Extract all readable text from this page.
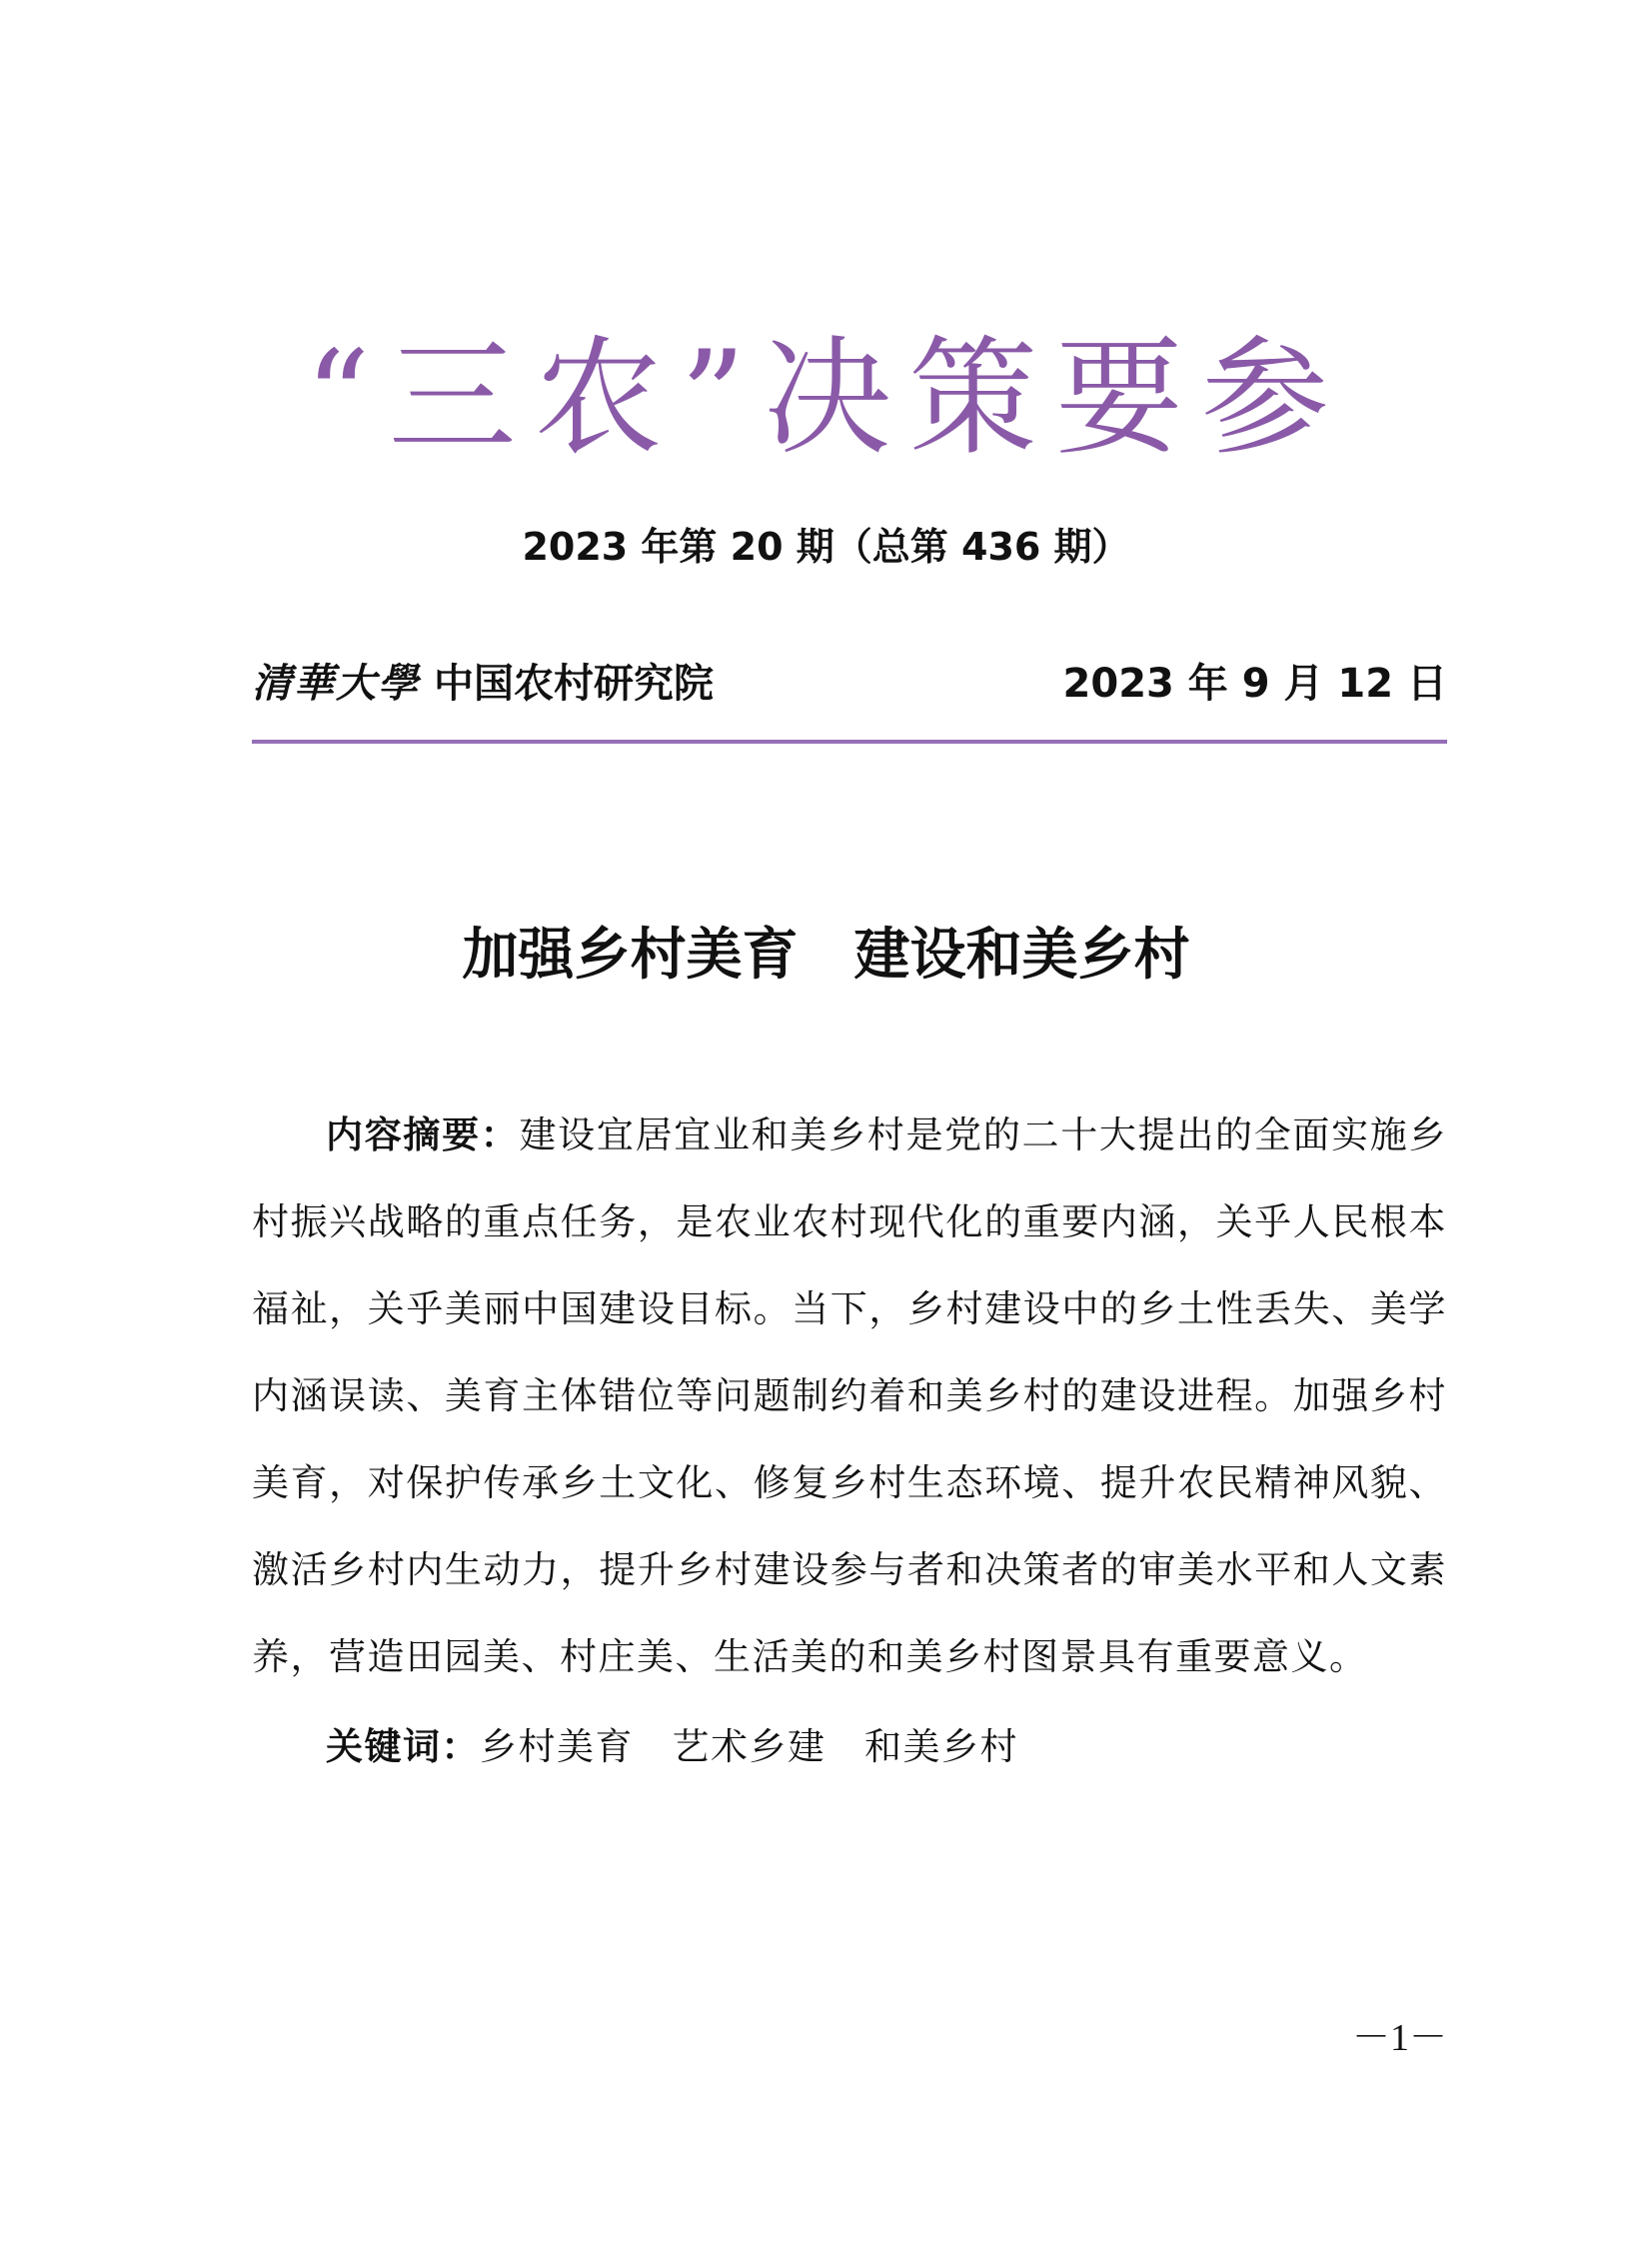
“三农”决策要参
2023 年第 20 期（总第 436 期）
清華大學 中国农村研究院	2023 年 9 月 12 日
加强乡村美育　建设和美乡村
内容摘要：建设宜居宜业和美乡村是党的二十大提出的全面实施乡村振兴战略的重点任务，是农业农村现代化的重要内涵，关乎人民根本福祉，关乎美丽中国建设目标。当下，乡村建设中的乡土性丢失、美学内涵误读、美育主体错位等问题制约着和美乡村的建设进程。加强乡村美育，对保护传承乡土文化、修复乡村生态环境、提升农民精神风貌、激活乡村内生动力，提升乡村建设参与者和决策者的审美水平和人文素养，营造田园美、村庄美、生活美的和美乡村图景具有重要意义。
关键词：乡村美育　艺术乡建　和美乡村
－1－
